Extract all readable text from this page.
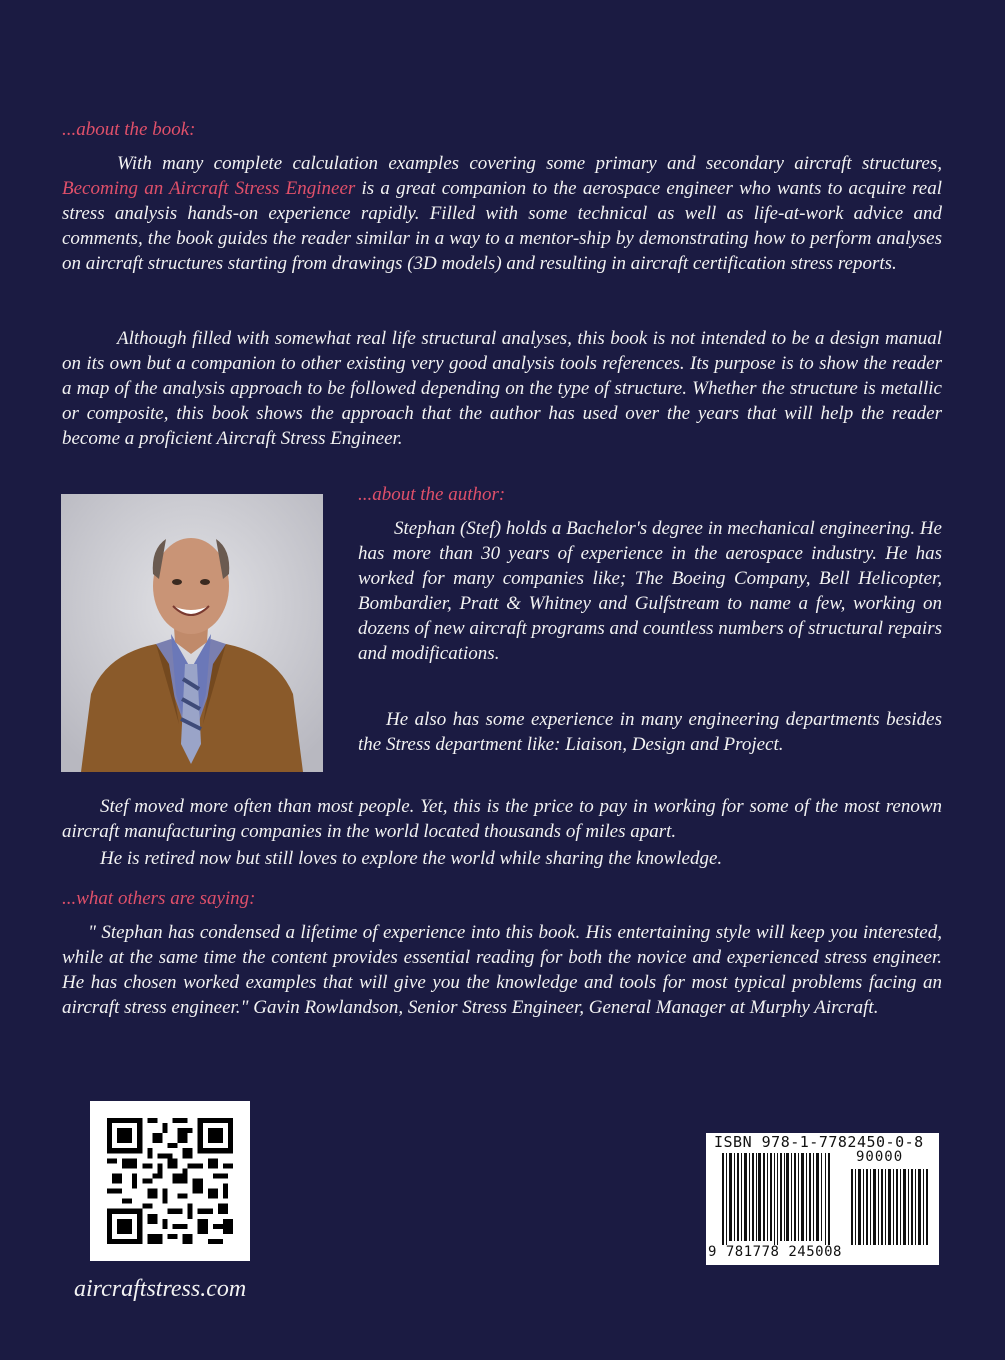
...about the book:

With many complete calculation examples covering some primary and secondary aircraft structures, Becoming an Aircraft Stress Engineer is a great companion to the aerospace engineer who wants to acquire real stress analysis hands-on experience rapidly. Filled with some technical as well as life-at-work advice and comments, the book guides the reader similar in a way to a mentor-ship by demonstrating how to perform analyses on aircraft structures starting from drawings (3D models) and resulting in aircraft certification stress reports.

Although filled with somewhat real life structural analyses, this book is not intended to be a design manual on its own but a companion to other existing very good analysis tools references. Its purpose is to show the reader a map of the analysis approach to be followed depending on the type of structure. Whether the structure is metallic or composite, this book shows the approach that the author has used over the years that will help the reader become a proficient Aircraft Stress Engineer.

...about the author:

Stephan (Stef) holds a Bachelor's degree in mechanical engineering. He has more than 30 years of experience in the aerospace industry. He has worked for many companies like; The Boeing Company, Bell Helicopter, Bombardier, Pratt & Whitney and Gulfstream to name a few, working on dozens of new aircraft programs and countless numbers of structural repairs and modifications.

He also has some experience in many engineering departments besides the Stress department like: Liaison, Design and Project.

Stef moved more often than most people. Yet, this is the price to pay in working for some of the most renown aircraft manufacturing companies in the world located thousands of miles apart.

He is retired now but still loves to explore the world while sharing the knowledge.

...what others are saying:

" Stephan has condensed a lifetime of experience into this book. His entertaining style will keep you interested, while at the same time the content provides essential reading for both the novice and experienced stress engineer. He has chosen worked examples that will give you the knowledge and tools for most typical problems facing an aircraft stress engineer." Gavin Rowlandson, Senior Stress Engineer, General Manager at Murphy Aircraft.

ISBN 978-1-7782450-0-8
90000
9 781778 245008
aircraftstress.com
